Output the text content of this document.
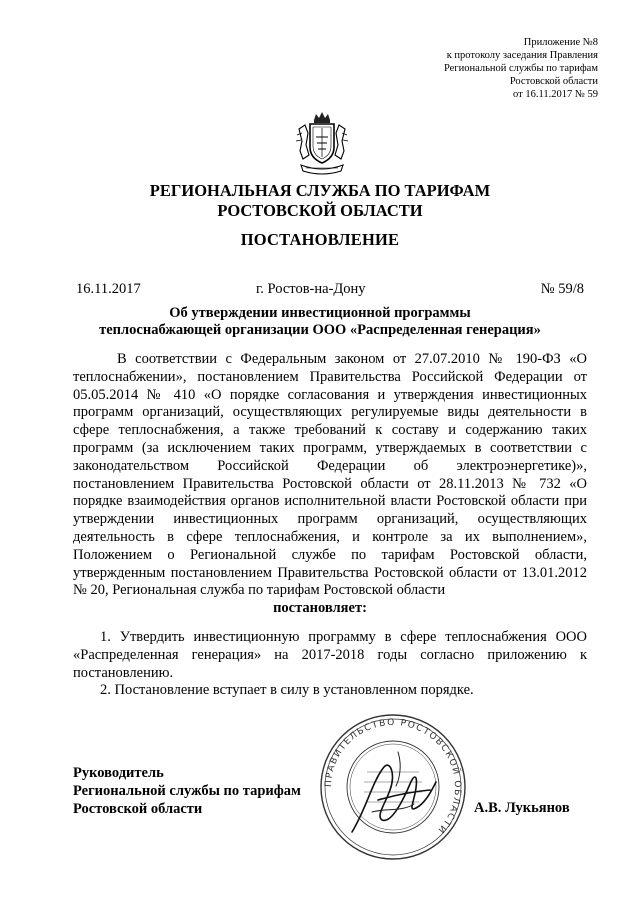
Приложение №8
к протоколу заседания Правления
Региональной службы по тарифам
Ростовской области
от 16.11.2017 № 59
РЕГИОНАЛЬНАЯ СЛУЖБА ПО ТАРИФАМ
РОСТОВСКОЙ ОБЛАСТИ
ПОСТАНОВЛЕНИЕ
16.11.2017	г. Ростов-на-Дону	№ 59/8
Об утверждении инвестиционной программы
теплоснабжающей организации ООО «Распределенная генерация»
В соответствии с Федеральным законом от 27.07.2010 № 190-ФЗ «О теплоснабжении», постановлением Правительства Российской Федерации от 05.05.2014 № 410 «О порядке согласования и утверждения инвестиционных программ организаций, осуществляющих регулируемые виды деятельности в сфере теплоснабжения, а также требований к составу и содержанию таких программ (за исключением таких программ, утверждаемых в соответствии с законодательством Российской Федерации об электроэнергетике)», постановлением Правительства Ростовской области от 28.11.2013 № 732 «О порядке взаимодействия органов исполнительной власти Ростовской области при утверждении инвестиционных программ организаций, осуществляющих деятельность в сфере теплоснабжения, и контроле за их выполнением», Положением о Региональной службе по тарифам Ростовской области, утвержденным постановлением Правительства Ростовской области от 13.01.2012 № 20, Региональная служба по тарифам Ростовской области
постановляет:
1. Утвердить инвестиционную программу в сфере теплоснабжения ООО «Распределенная генерация» на 2017-2018 годы согласно приложению к постановлению.
2. Постановление вступает в силу в установленном порядке.
Руководитель
Региональной службы по тарифам
Ростовской области
ПРАВИТЕЛЬСТВО РОСТОВСКОЙ ОБЛАСТИ
А.В. Лукьянов
